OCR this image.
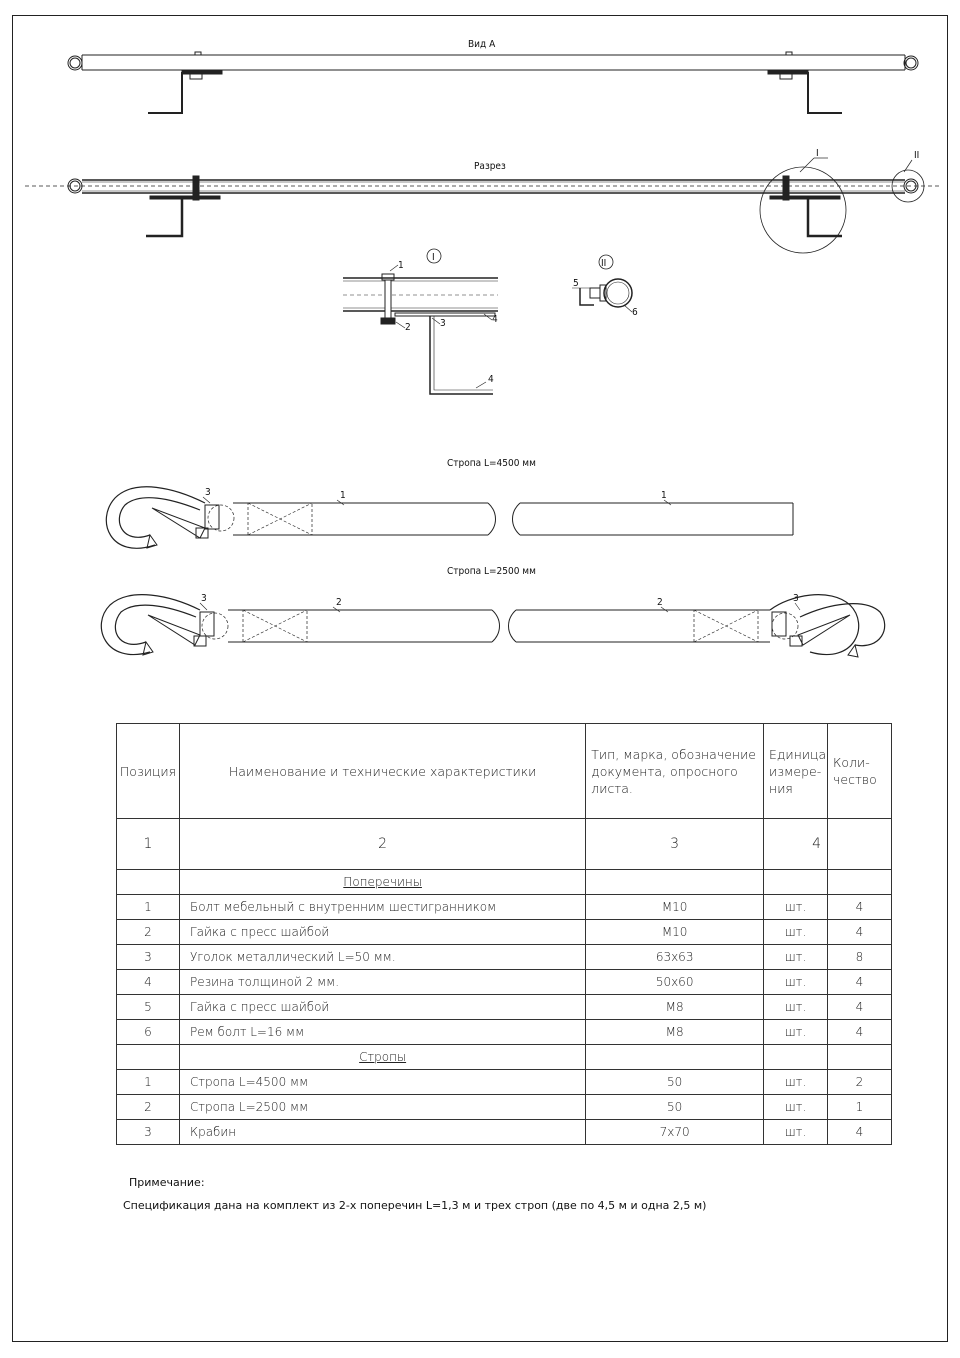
Вид А
Разрез
I	II
I
1
2	3	4
4
II
5
6
Стропа L=4500 мм
3	1	1
Стропа L=2500 мм
3	2	2	3
Позиция	Наименование и технические характеристики	Тип, марка, обозначение документа, опросного листа.	Единица измере- ния	Коли- чество
1	2	3	4	
	Поперечины			
1	Болт мебельный с внутренним шестигранником	М10	шт.	4
2	Гайка с пресс шайбой	М10	шт.	4
3	Уголок металлический L=50 мм.	63х63	шт.	8
4	Резина толщиной 2 мм.	50х60	шт.	4
5	Гайка с пресс шайбой	М8	шт.	4
6	Рем болт L=16 мм	М8	шт.	4
	Стропы			
1	Стропа L=4500 мм	50	шт.	2
2	Стропа L=2500 мм	50	шт.	1
3	Крабин	7х70	шт.	4
Примечание:
Спецификация дана на комплект из 2-х поперечин L=1,3 м и трех строп (две по 4,5 м и одна 2,5 м)
